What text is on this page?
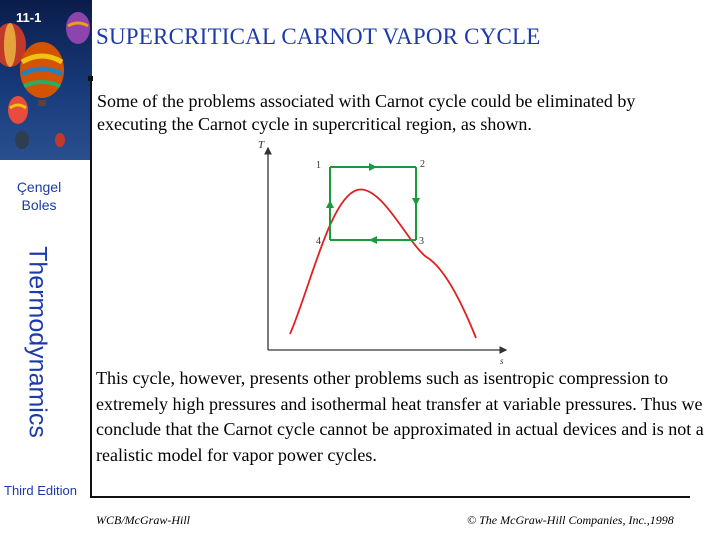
11-1
Çengel
Boles
Thermodynamics
Third Edition
SUPERCRITICAL CARNOT VAPOR CYCLE
Some of the problems associated with Carnot cycle could be eliminated by executing the Carnot cycle in supercritical region, as shown.
T
s
1	2
3
4
This cycle, however, presents other problems such as isentropic compression to extremely high pressures and isothermal heat transfer at variable pressures. Thus we conclude that the Carnot cycle cannot be approximated in actual devices and is not a realistic model for vapor power cycles.
WCB/McGraw-Hill	© The McGraw-Hill Companies, Inc.,1998
